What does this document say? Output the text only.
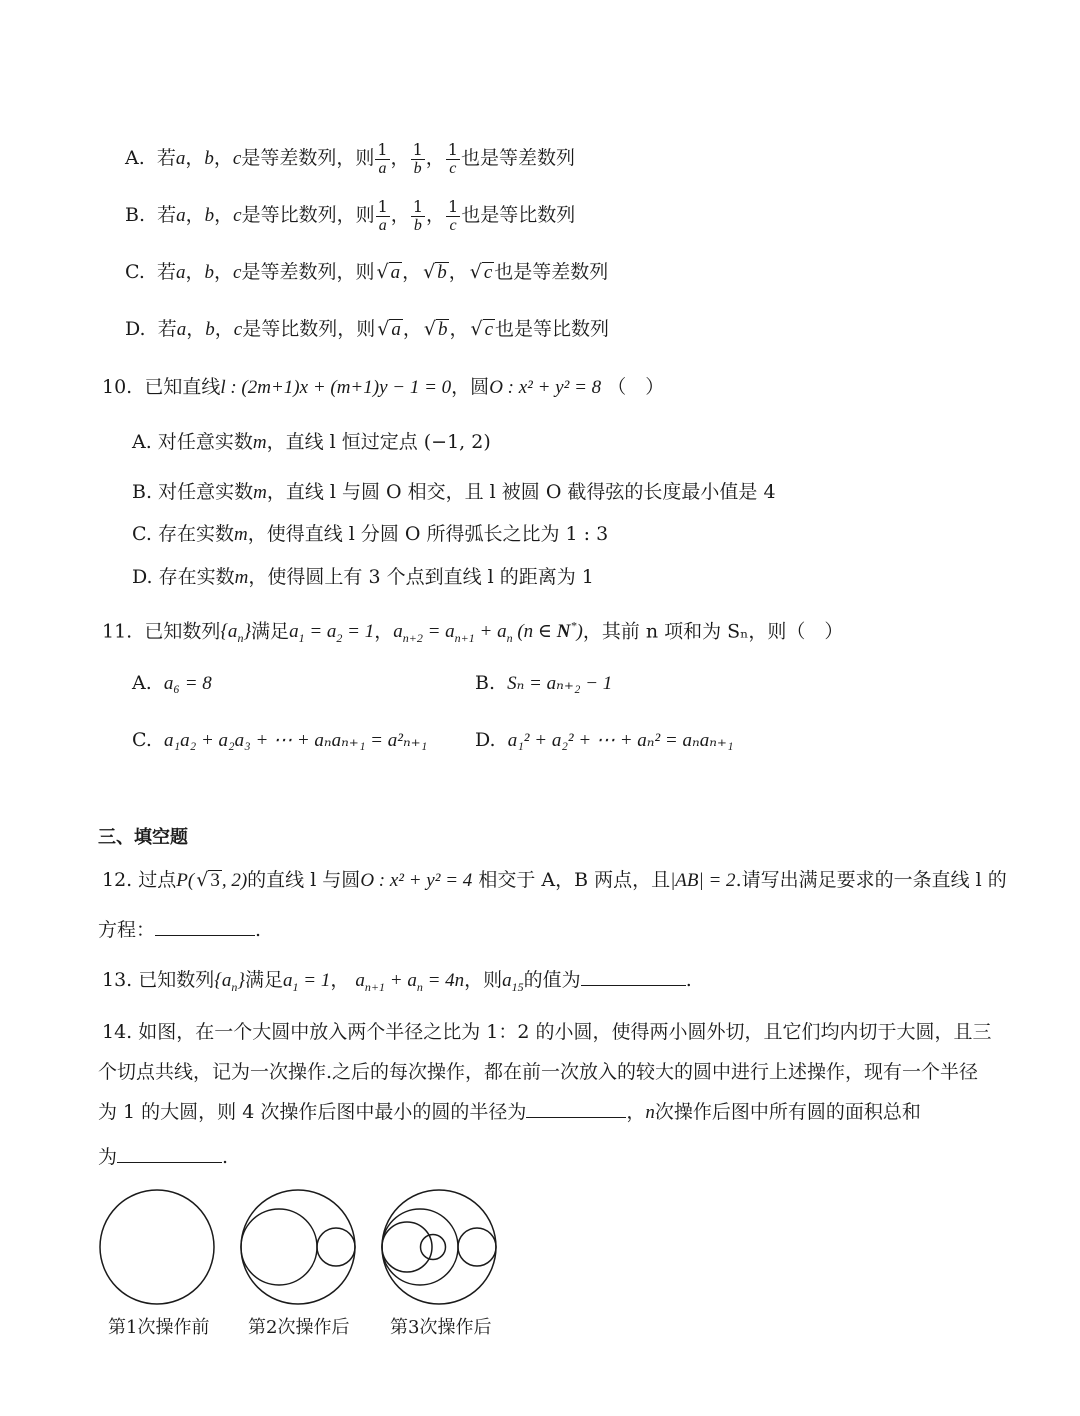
A. 若a，b，c是等差数列，则 $\frac{1}{a}$ ， $\frac{1}{b}$ ， $\frac{1}{c}$ 也是等差数列
B. 若a，b，c是等比数列，则 $\frac{1}{a}$ ， $\frac{1}{b}$ ， $\frac{1}{c}$ 也是等比数列
C. 若a，b，c是等差数列，则 √ a ， √ b ， √ c 也是等差数列
D. 若a，b，c是等比数列，则 √ a ， √ b ， √ c 也是等比数列
10. 已知直线l : (2m+1)x + (m+1)y − 1 = 0，圆O : x² + y² = 8 （　）
A. 对任意实数m，直线 l 恒过定点 (−1, 2)
B. 对任意实数m，直线 l 与圆 O 相交，且 l 被圆 O 截得弦的长度最小值是 4
C. 存在实数m，使得直线 l 分圆 O 所得弧长之比为 1 : 3
D. 存在实数m，使得圆上有 3 个点到直线 l 的距离为 1
11. 已知数列$\{a_n\}$满足$a_1 = a_2 = 1$，$a_{n+2} = a_{n+1} + a_n$ (n ∈ N*)，其前 n 项和为 Sₙ，则（　）
A. a₆ = 8	B. Sₙ = aₙ₊₂ − 1
C. a₁a₂ + a₂a₃ + ⋯ + aₙaₙ₊₁ = a²ₙ₊₁	D. a₁² + a₂² + ⋯ + aₙ² = aₙaₙ₊₁
三、填空题
12. 过点P( √ 3 , 2)的直线 l 与圆O : x² + y² = 4 相交于 A，B 两点，且|AB| = 2.请写出满足要求的一条直线 l 的
方程：	.
13. 已知数列$\{a_n\}$满足$a_1 = 1$， $a_{n+1} + a_n = 4n$，则$a_{15}$的值为	.
14. 如图，在一个大圆中放入两个半径之比为 1：2 的小圆，使得两小圆外切，且它们均内切于大圆，且三
个切点共线，记为一次操作.之后的每次操作，都在前一次放入的较大的圆中进行上述操作，现有一个半径
为 1 的大圆，则 4 次操作后图中最小的圆的半径为	，n次操作后图中所有圆的面积总和
为	.
第1次操作前 第2次操作后 第3次操作后
